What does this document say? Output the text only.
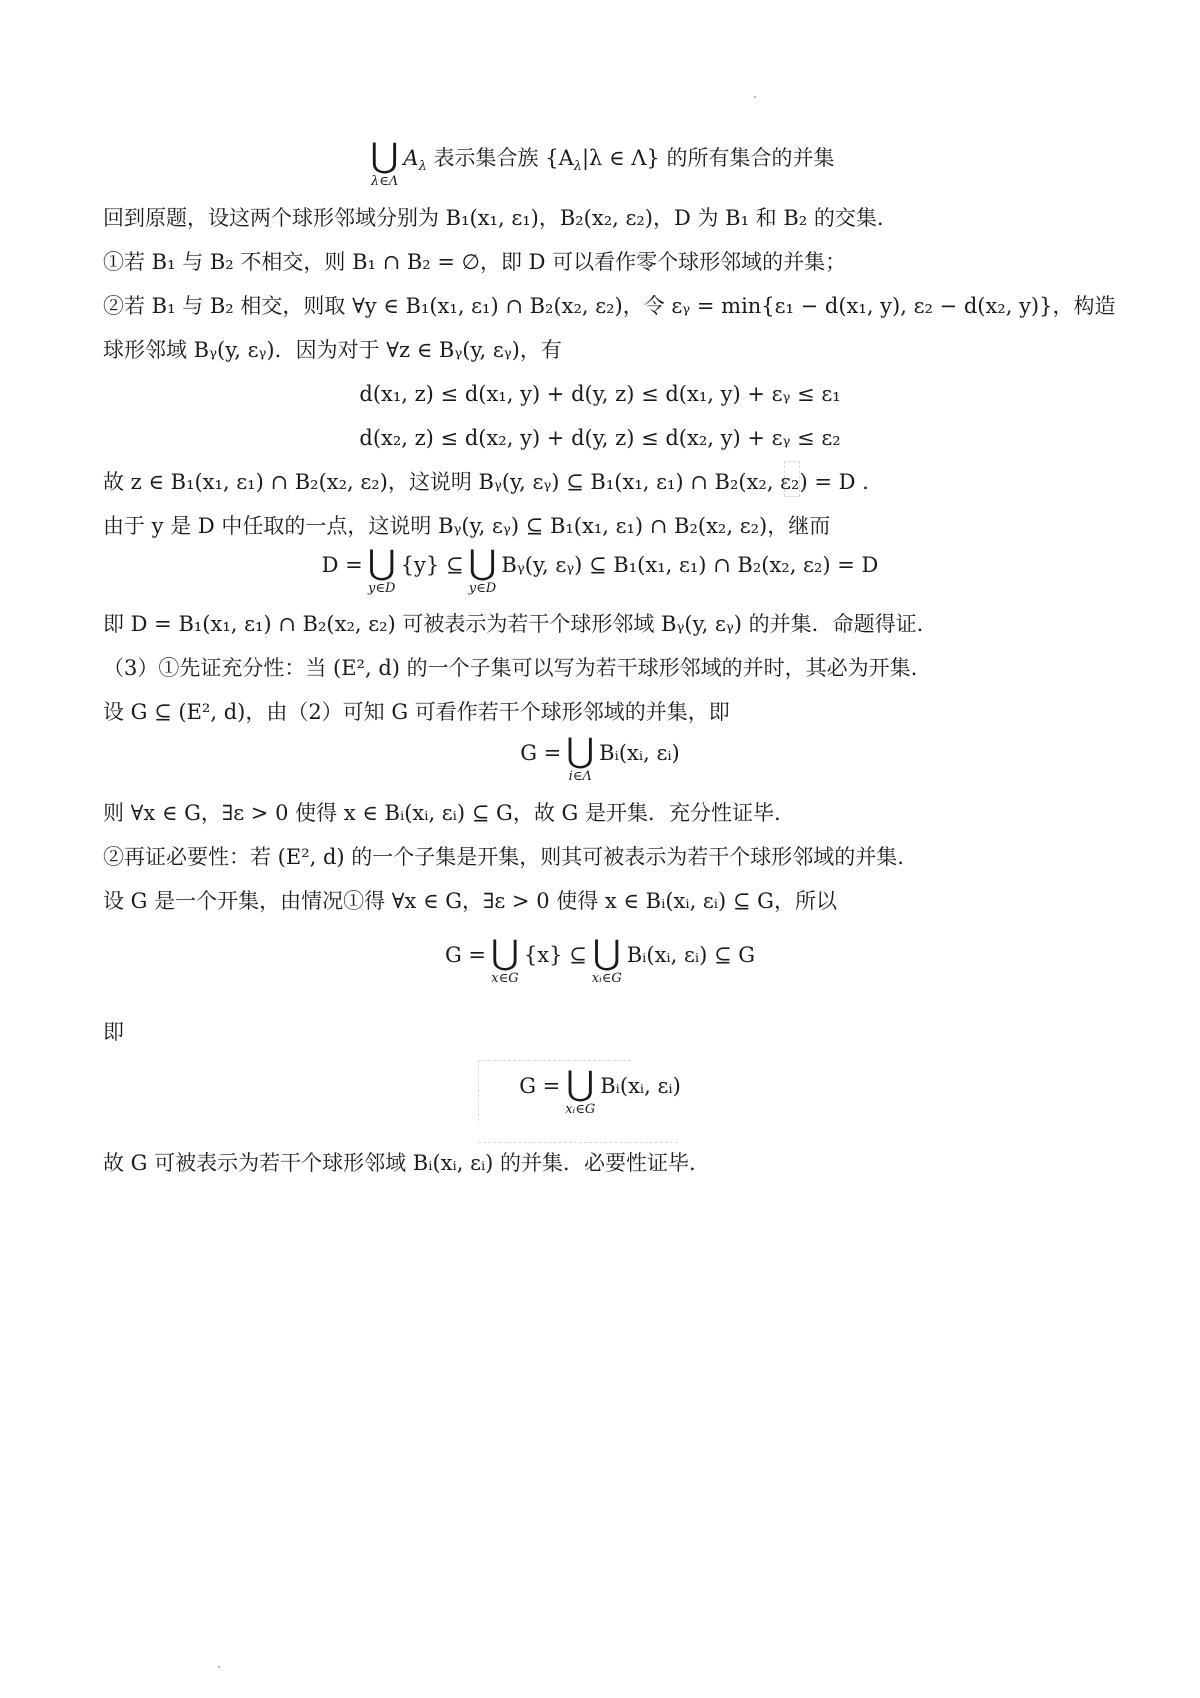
⋃
λ∈Λ
$A_\lambda$ 表示集合族 {$A_\lambda|\lambda$ ∈ Λ} 的所有集合的并集
回到原题，设这两个球形邻域分别为 B₁(x₁, ε₁)，B₂(x₂, ε₂)，D 为 B₁ 和 B₂ 的交集.
①若 B₁ 与 B₂ 不相交，则 B₁ ∩ B₂ = ∅，即 D 可以看作零个球形邻域的并集；
②若 B₁ 与 B₂ 相交，则取 ∀y ∈ B₁(x₁, ε₁) ∩ B₂(x₂, ε₂)，令 εᵧ = min{ε₁ − d(x₁, y), ε₂ − d(x₂, y)}，构造
球形邻域 Bᵧ(y, εᵧ)．因为对于 ∀z ∈ Bᵧ(y, εᵧ)，有
d(x₁, z) ≤ d(x₁, y) + d(y, z) ≤ d(x₁, y) + εᵧ ≤ ε₁
d(x₂, z) ≤ d(x₂, y) + d(y, z) ≤ d(x₂, y) + εᵧ ≤ ε₂
故 z ∈ B₁(x₁, ε₁) ∩ B₂(x₂, ε₂)，这说明 Bᵧ(y, εᵧ) ⊆ B₁(x₁, ε₁) ∩ B₂(x₂, ε₂) = D .
由于 y 是 D 中任取的一点，这说明 Bᵧ(y, εᵧ) ⊆ B₁(x₁, ε₁) ∩ B₂(x₂, ε₂)，继而
D = ⋃
y∈D
{y} ⊆ ⋃
y∈D
Bᵧ(y, εᵧ) ⊆ B₁(x₁, ε₁) ∩ B₂(x₂, ε₂) = D
即 D = B₁(x₁, ε₁) ∩ B₂(x₂, ε₂) 可被表示为若干个球形邻域 Bᵧ(y, εᵧ) 的并集．命题得证.
（3）①先证充分性：当 (E², d) 的一个子集可以写为若干球形邻域的并时，其必为开集.
设 G ⊆ (E², d)，由（2）可知 G 可看作若干个球形邻域的并集，即
G = ⋃
i∈Λ
Bᵢ(xᵢ, εᵢ)
则 ∀x ∈ G，∃ε > 0 使得 x ∈ Bᵢ(xᵢ, εᵢ) ⊆ G，故 G 是开集．充分性证毕.
②再证必要性：若 (E², d) 的一个子集是开集，则其可被表示为若干个球形邻域的并集.
设 G 是一个开集，由情况①得 ∀x ∈ G，∃ε > 0 使得 x ∈ Bᵢ(xᵢ, εᵢ) ⊆ G，所以
G = ⋃
x∈G
{x} ⊆ ⋃
xᵢ∈G
Bᵢ(xᵢ, εᵢ) ⊆ G
即
G = ⋃
xᵢ∈G
Bᵢ(xᵢ, εᵢ)
故 G 可被表示为若干个球形邻域 Bᵢ(xᵢ, εᵢ) 的并集．必要性证毕.
